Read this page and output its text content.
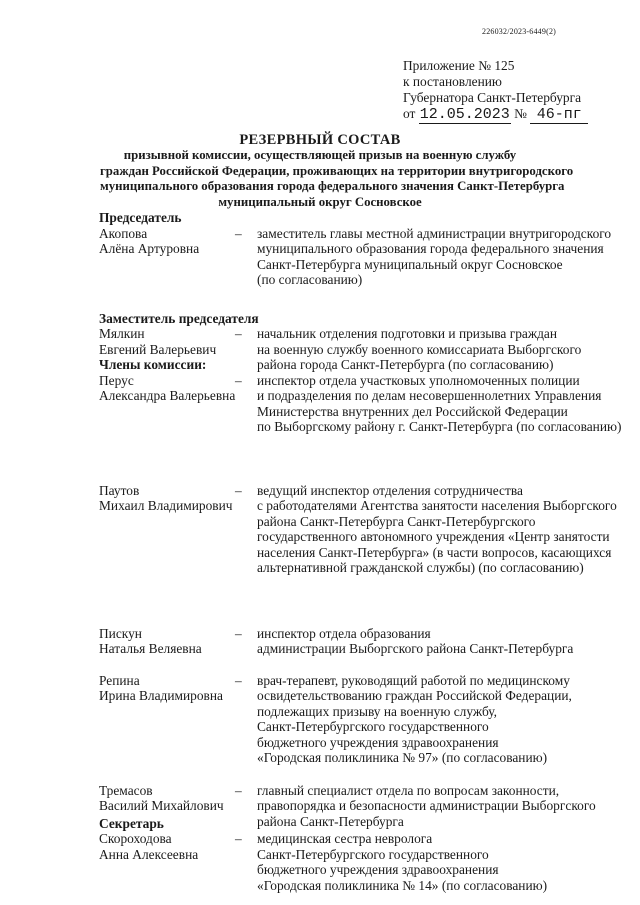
226032/2023-6449(2)
Приложение № 125
к постановлению
Губернатора Санкт-Петербурга
от 12.05.2023 № 46-пг
РЕЗЕРВНЫЙ СОСТАВ
призывной комиссии, осуществляющей призыв на военную службу
граждан Российской Федерации, проживающих на территории внутригородского
муниципального образования города федерального значения Санкт-Петербурга
муниципальный округ Сосновское
Председатель
Акопова
Алёна Артуровна
– заместитель главы местной администрации внутригородского
муниципального образования города федерального значения
Санкт-Петербурга муниципальный округ Сосновское
(по согласованию)
Заместитель председателя
Мялкин
Евгений Валерьевич
– начальник отделения подготовки и призыва граждан
на военную службу военного комиссариата Выборгского
района города Санкт-Петербурга (по согласованию)
Члены комиссии:
Перус
Александра Валерьевна
– инспектор отдела участковых уполномоченных полиции
и подразделения по делам несовершеннолетних Управления
Министерства внутренних дел Российской Федерации
по Выборгскому району г. Санкт-Петербурга (по согласованию)
Паутов
Михаил Владимирович
– ведущий инспектор отделения сотрудничества
с работодателями Агентства занятости населения Выборгского
района Санкт-Петербурга Санкт-Петербургского
государственного автономного учреждения «Центр занятости
населения Санкт-Петербурга» (в части вопросов, касающихся
альтернативной гражданской службы) (по согласованию)
Пискун
Наталья Веляевна
– инспектор отдела образования
администрации Выборгского района Санкт-Петербурга
Репина
Ирина Владимировна
– врач-терапевт, руководящий работой по медицинскому
освидетельствованию граждан Российской Федерации,
подлежащих призыву на военную службу,
Санкт-Петербургского государственного
бюджетного учреждения здравоохранения
«Городская поликлиника № 97» (по согласованию)
Тремасов
Василий Михайлович
– главный специалист отдела по вопросам законности,
правопорядка и безопасности администрации Выборгского
района Санкт-Петербурга
Секретарь
Скороходова
Анна Алексеевна
– медицинская сестра невролога
Санкт-Петербургского государственного
бюджетного учреждения здравоохранения
«Городская поликлиника № 14» (по согласованию)
